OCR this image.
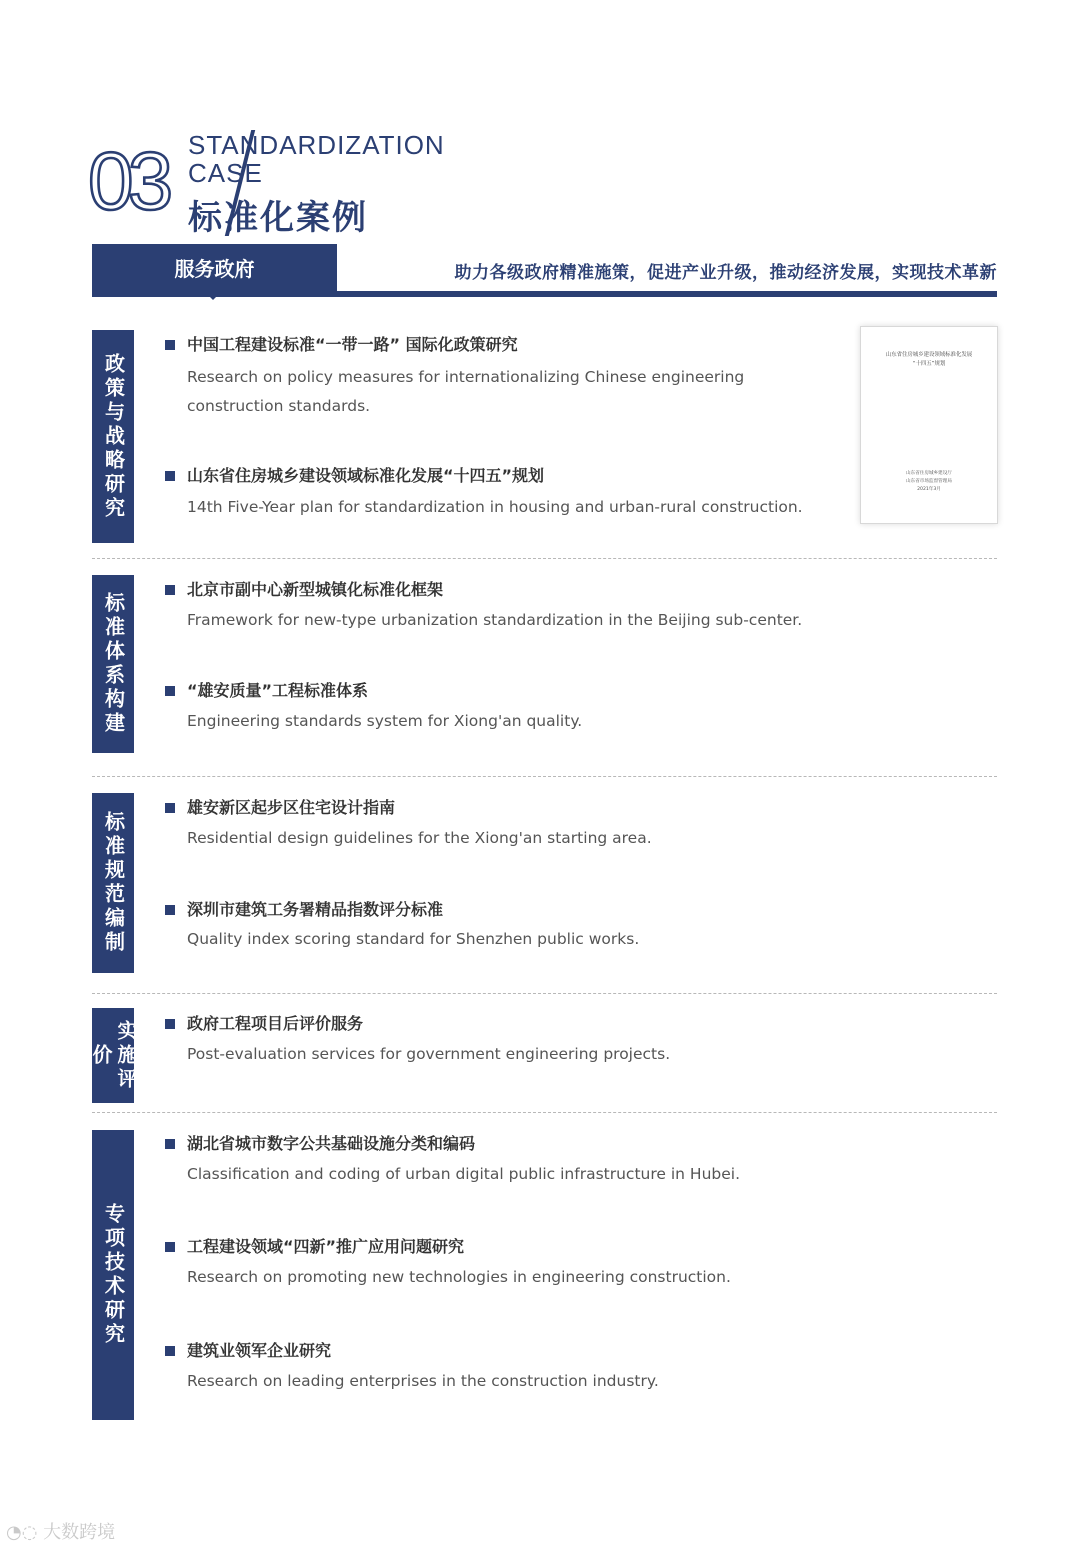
03 STANDARDIZATION
CASE
标准化案例
服务政府	助力各级政府精准施策，促进产业升级，推动经济发展，实现技术革新
山东省住房城乡建设领域标准化发展
“十四五”规划
山东省住房城乡建设厅
山东省市场监督管理局
2021年3月
政策与战略研究
中国工程建设标准“一带一路” 国际化政策研究
Research on policy measures for internationalizing Chinese engineering construction standards.
山东省住房城乡建设领域标准化发展“十四五”规划
14th Five-Year plan for standardization in housing and urban-rural construction.
标准体系构建
北京市副中心新型城镇化标准化框架
Framework for new-type urbanization standardization in the Beijing sub-center.
“雄安质量”工程标准体系
Engineering standards system for Xiong'an quality.
标准规范编制
雄安新区起步区住宅设计指南
Residential design guidelines for the Xiong'an starting area.
深圳市建筑工务署精品指数评分标准
Quality index scoring standard for Shenzhen public works.
实施评价
政府工程项目后评价服务
Post-evaluation services for government engineering projects.
专项技术研究
湖北省城市数字公共基础设施分类和编码
Classification and coding of urban digital public infrastructure in Hubei.
工程建设领域“四新”推广应用问题研究
Research on promoting new technologies in engineering construction.
建筑业领军企业研究
Research on leading enterprises in the construction industry.
◔◌ 大数跨境
